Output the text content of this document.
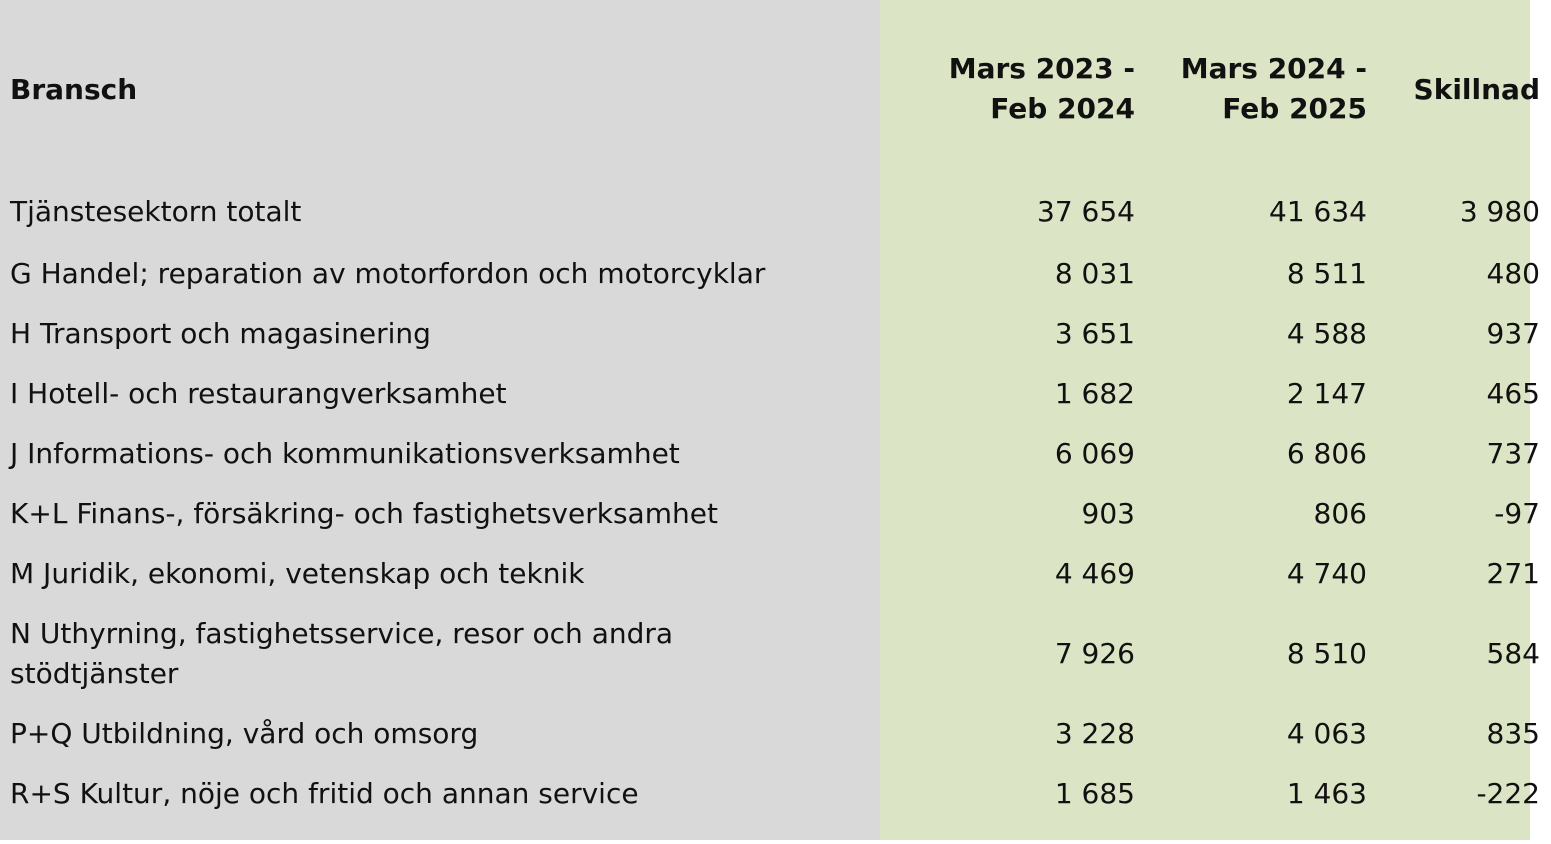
Bransch	Mars 2023 - Feb 2024	Mars 2024 - Feb 2025	Skillnad
Tjänstesektorn totalt	37 654	41 634	3 980
G Handel; reparation av motorfordon och motorcyklar	8 031	8 511	480
H Transport och magasinering	3 651	4 588	937
I Hotell- och restaurangverksamhet	1 682	2 147	465
J Informations- och kommunikationsverksamhet	6 069	6 806	737
K+L Finans-, försäkring- och fastighetsverksamhet	903	806	-97
M Juridik, ekonomi, vetenskap och teknik	4 469	4 740	271
N Uthyrning, fastighetsservice, resor och andra stödtjänster	7 926	8 510	584
P+Q Utbildning, vård och omsorg	3 228	4 063	835
R+S Kultur, nöje och fritid och annan service	1 685	1 463	-222
